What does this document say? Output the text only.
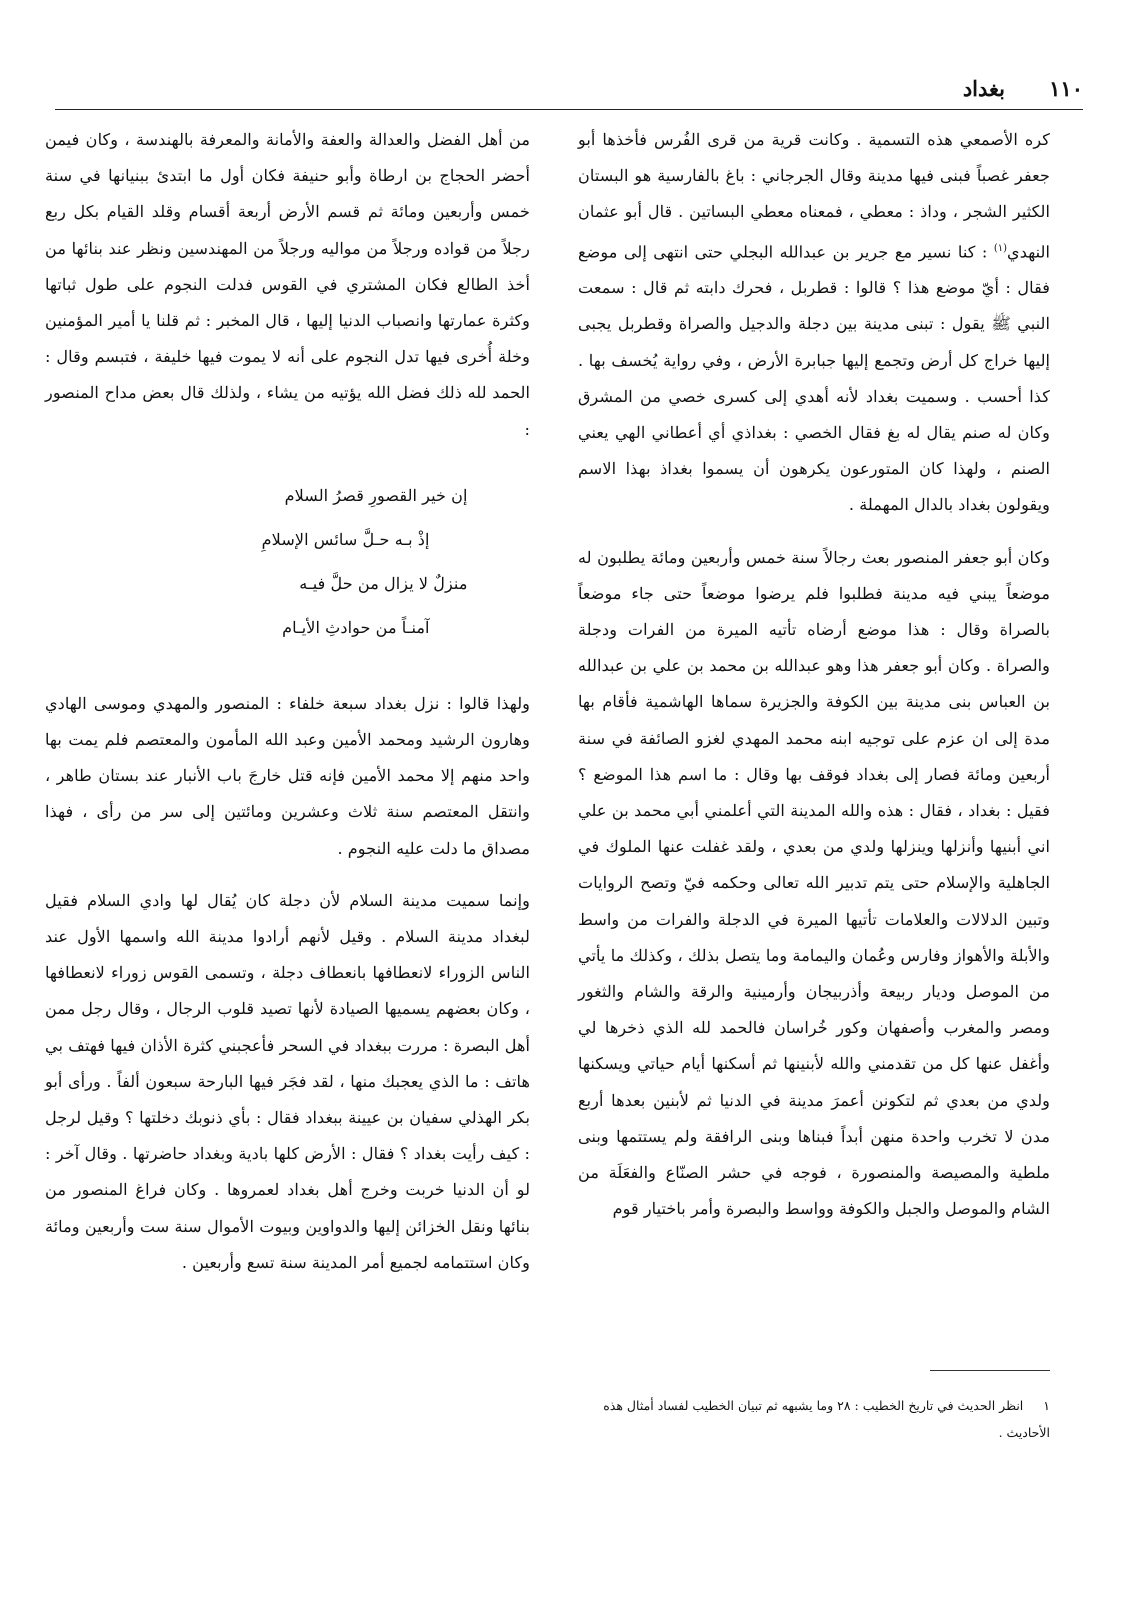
١١٠
بغداد

كره الأصمعي هذه التسمية . وكانت قرية من قرى الفُرس فأخذها أبو جعفر غصباً فبنى فيها مدينة وقال الجرجاني : باغ بالفارسية هو البستان الكثير الشجر ، وداذ : معطي ، فمعناه معطي البساتين . قال أبو عثمان النهدي$^{(١)}$ : كنا نسير مع جرير بن عبدالله البجلي حتى انتهى إلى موضع فقال : أيّ موضع هذا ؟ قالوا : قطربل ، فحرك دابته ثم قال : سمعت النبي ﷺ يقول : تبنى مدينة بين دجلة والدجيل والصراة وقطربل يجبى إليها خراج كل أرض وتجمع إليها جبابرة الأرض ، وفي رواية يُخسف بها . كذا أحسب . وسميت بغداد لأنه أهدي إلى كسرى خصي من المشرق وكان له صنم يقال له بغ فقال الخصي : بغداذي أي أعطاني الهي يعني الصنم ، ولهذا كان المتورعون يكرهون أن يسموا بغداذ بهذا الاسم ويقولون بغداد بالدال المهملة .

وكان أبو جعفر المنصور بعث رجالاً سنة خمس وأربعين ومائة يطلبون له موضعاً يبني فيه مدينة فطلبوا فلم يرضوا موضعاً حتى جاء موضعاً بالصراة وقال : هذا موضع أرضاه تأتيه الميرة من الفرات ودجلة والصراة . وكان أبو جعفر هذا وهو عبدالله بن محمد بن علي بن عبدالله بن العباس بنى مدينة بين الكوفة والجزيرة سماها الهاشمية فأقام بها مدة إلى ان عزم على توجيه ابنه محمد المهدي لغزو الصائفة في سنة أربعين ومائة فصار إلى بغداد فوقف بها وقال : ما اسم هذا الموضع ؟ فقيل : بغداد ، فقال : هذه والله المدينة التي أعلمني أبي محمد بن علي اني أبنيها وأنزلها وينزلها ولدي من بعدي ، ولقد غفلت عنها الملوك في الجاهلية والإسلام حتى يتم تدبير الله تعالى وحكمه فيّ وتصح الروايات وتبين الدلالات والعلامات تأتيها الميرة في الدجلة والفرات من واسط والأبلة والأهواز وفارس وعُمان واليمامة وما يتصل بذلك ، وكذلك ما يأتي من الموصل وديار ربيعة وأذربيجان وأرمينية والرقة والشام والثغور ومصر والمغرب وأصفهان وكور خُراسان فالحمد لله الذي ذخرها لي وأغفل عنها كل من تقدمني والله لأبنينها ثم أسكنها أيام حياتي ويسكنها ولدي من بعدي ثم لتكونن أعمرَ مدينة في الدنيا ثم لأبنين بعدها أربع مدن لا تخرب واحدة منهن أبداً فبناها وبنى الرافقة ولم يستتمها وبنى ملطية والمصيصة والمنصورة ، فوجه في حشر الصنّاع والفعَلَة من الشام والموصل والجبل والكوفة وواسط والبصرة وأمر باختيار قوم

من أهل الفضل والعدالة والعفة والأمانة والمعرفة بالهندسة ، وكان فيمن أحضر الحجاج بن ارطاة وأبو حنيفة فكان أول ما ابتدئ ببنيانها في سنة خمس وأربعين ومائة ثم قسم الأرض أربعة أقسام وقلد القيام بكل ربع رجلاً من قواده ورجلاً من مواليه ورجلاً من المهندسين ونظر عند بنائها من أخذ الطالع فكان المشتري في القوس فدلت النجوم على طول ثباتها وكثرة عمارتها وانصباب الدنيا إليها ، قال المخبر : ثم قلنا يا أمير المؤمنين وخلة أُخرى فيها تدل النجوم على أنه لا يموت فيها خليفة ، فتبسم وقال : الحمد لله ذلك فضل الله يؤتيه من يشاء ، ولذلك قال بعض مداح المنصور :

إن خير القصورِ قصرُ السلام
إذْ بـه حـلَّ سائس الإسلامِ
منزلٌ لا يزال من حلَّ فيـه
آمنـاً من حوادثِ الأيـام

ولهذا قالوا : نزل بغداد سبعة خلفاء : المنصور والمهدي وموسى الهادي وهارون الرشيد ومحمد الأمين وعبد الله المأمون والمعتصم فلم يمت بها واحد منهم إلا محمد الأمين فإنه قتل خارجَ باب الأنبار عند بستان طاهر ، وانتقل المعتصم سنة ثلاث وعشرين ومائتين إلى سر من رأى ، فهذا مصداق ما دلت عليه النجوم .

وإنما سميت مدينة السلام لأن دجلة كان يُقال لها وادي السلام فقيل لبغداد مدينة السلام . وقيل لأنهم أرادوا مدينة الله واسمها الأول عند الناس الزوراء لانعطافها بانعطاف دجلة ، وتسمى القوس زوراء لانعطافها ، وكان بعضهم يسميها الصيادة لأنها تصيد قلوب الرجال ، وقال رجل ممن أهل البصرة : مررت ببغداد في السحر فأعجبني كثرة الأذان فيها فهتف بي هاتف : ما الذي يعجبك منها ، لقد فجَر فيها البارحة سبعون ألفاً . ورأى أبو بكر الهذلي سفيان بن عيينة ببغداد فقال : بأي ذنوبك دخلتها ؟ وقيل لرجل : كيف رأيت بغداد ؟ فقال : الأرض كلها بادية وبغداد حاضرتها . وقال آخر : لو أن الدنيا خربت وخرج أهل بغداد لعمروها . وكان فراغ المنصور من بنائها ونقل الخزائن إليها والدواوين وبيوت الأموال سنة ست وأربعين ومائة وكان استتمامه لجميع أمر المدينة سنة تسع وأربعين .

١ انظر الحديث في تاريخ الخطيب : ٢٨ وما يشبهه ثم تبيان الخطيب لفساد أمثال هذه الأحاديث .
